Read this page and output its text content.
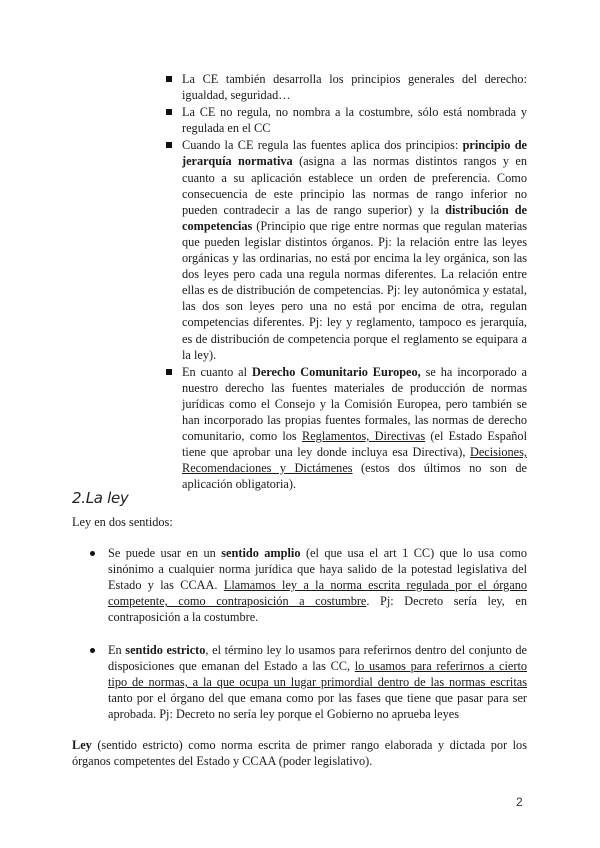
La CE también desarrolla los principios generales del derecho: igualdad, seguridad…
La CE no regula, no nombra a la costumbre, sólo está nombrada y regulada en el CC
Cuando la CE regula las fuentes aplica dos principios: principio de jerarquía normativa (asigna a las normas distintos rangos y en cuanto a su aplicación establece un orden de preferencia. Como consecuencia de este principio las normas de rango inferior no pueden contradecir a las de rango superior) y la distribución de competencias (Principio que rige entre normas que regulan materias que pueden legislar distintos órganos. Pj: la relación entre las leyes orgánicas y las ordinarias, no está por encima la ley orgánica, son las dos leyes pero cada una regula normas diferentes. La relación entre ellas es de distribución de competencias. Pj: ley autonómica y estatal, las dos son leyes pero una no está por encima de otra, regulan competencias diferentes. Pj: ley y reglamento, tampoco es jerarquía, es de distribución de competencia porque el reglamento se equipara a la ley).
En cuanto al Derecho Comunitario Europeo, se ha incorporado a nuestro derecho las fuentes materiales de producción de normas jurídicas como el Consejo y la Comisión Europea, pero también se han incorporado las propias fuentes formales, las normas de derecho comunitario, como los Reglamentos, Directivas (el Estado Español tiene que aprobar una ley donde incluya esa Directiva), Decisiones, Recomendaciones y Dictámenes (estos dos últimos no son de aplicación obligatoria).
2.La ley
Ley en dos sentidos:
Se puede usar en un sentido amplio (el que usa el art 1 CC) que lo usa como sinónimo a cualquier norma jurídica que haya salido de la potestad legislativa del Estado y las CCAA. Llamamos ley a la norma escrita regulada por el órgano competente, como contraposición a costumbre. Pj: Decreto sería ley, en contraposición a la costumbre.
En sentido estricto, el término ley lo usamos para referirnos dentro del conjunto de disposiciones que emanan del Estado a las CC, lo usamos para referirnos a cierto tipo de normas, a la que ocupa un lugar primordial dentro de las normas escritas tanto por el órgano del que emana como por las fases que tiene que pasar para ser aprobada. Pj: Decreto no sería ley porque el Gobierno no aprueba leyes

Ley (sentido estricto) como norma escrita de primer rango elaborada y dictada por los órganos competentes del Estado y CCAA (poder legislativo).

2
